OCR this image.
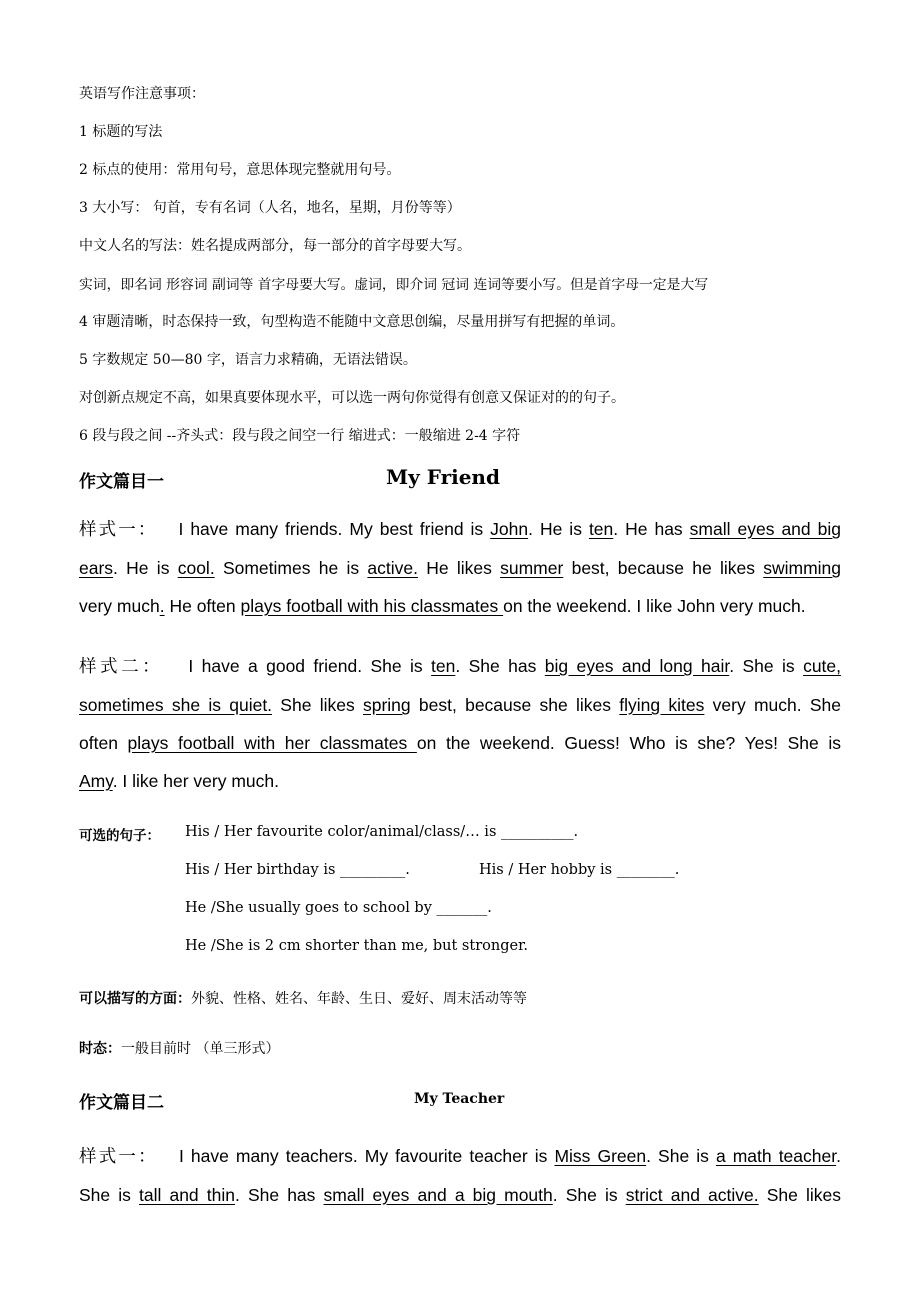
英语写作注意事项：
1 标题的写法
2 标点的使用：常用句号，意思体现完整就用句号。
3 大小写： 句首，专有名词（人名，地名，星期，月份等等）
中文人名的写法：姓名提成两部分，每一部分的首字母要大写。
实词，即名词 形容词 副词等 首字母要大写。虚词，即介词 冠词 连词等要小写。但是首字母一定是大写
4 审题清晰，时态保持一致，句型构造不能随中文意思创编，尽量用拼写有把握的单词。
5 字数规定 50—80 字，语言力求精确，无语法错误。
对创新点规定不高，如果真要体现水平，可以选一两句你觉得有创意又保证对的的句子。
6 段与段之间 --齐头式：段与段之间空一行 缩进式：一般缩进 2-4 字符
作文篇目一	My Friend
样式一： I have many friends. My best friend is John. He is ten. He has small eyes and big
ears. He is cool. Sometimes he is active. He likes summer best, because he likes swimming
very much. He often plays football with his classmates on the weekend. I like John very much.
样式二： I have a good friend. She is ten. She has big eyes and long hair. She is cute,
sometimes she is quiet. She likes spring best, because she likes flying kites very much. She
often plays football with her classmates on the weekend. Guess! Who is she? Yes! She is
Amy. I like her very much.
可选的句子： His / Her favourite color/animal/class/… is __________.
His / Her birthday is _________.	His / Her hobby is ________.
He /She usually goes to school by _______.
He /She is 2 cm shorter than me, but stronger.
可以描写的方面：外貌、性格、姓名、年龄、生日、爱好、周末活动等等
时态：一般目前时 （单三形式）
作文篇目二	My Teacher
样式一： I have many teachers. My favourite teacher is Miss Green. She is a math teacher.
She is tall and thin. She has small eyes and a big mouth. She is strict and active. She likes
